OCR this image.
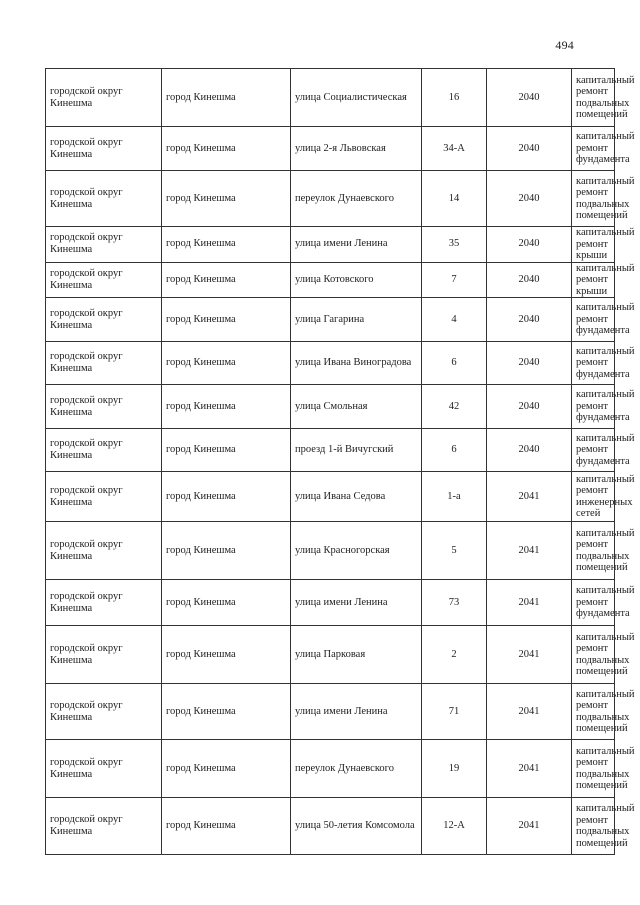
494
городской округ Кинешма	город Кинешма	улица Социалистическая	16	2040	капитальный ремонт подвальных помещений
городской округ Кинешма	город Кинешма	улица 2-я Львовская	34-А	2040	капитальный ремонт фундамента
городской округ Кинешма	город Кинешма	переулок Дунаевского	14	2040	капитальный ремонт подвальных помещений
городской округ Кинешма	город Кинешма	улица имени Ленина	35	2040	капитальный ремонт крыши
городской округ Кинешма	город Кинешма	улица Котовского	7	2040	капитальный ремонт крыши
городской округ Кинешма	город Кинешма	улица Гагарина	4	2040	капитальный ремонт фундамента
городской округ Кинешма	город Кинешма	улица Ивана Виноградова	6	2040	капитальный ремонт фундамента
городской округ Кинешма	город Кинешма	улица Смольная	42	2040	капитальный ремонт фундамента
городской округ Кинешма	город Кинешма	проезд 1-й Вичугский	6	2040	капитальный ремонт фундамента
городской округ Кинешма	город Кинешма	улица Ивана Седова	1-а	2041	капитальный ремонт инженерных сетей
городской округ Кинешма	город Кинешма	улица Красногорская	5	2041	капитальный ремонт подвальных помещений
городской округ Кинешма	город Кинешма	улица имени Ленина	73	2041	капитальный ремонт фундамента
городской округ Кинешма	город Кинешма	улица Парковая	2	2041	капитальный ремонт подвальных помещений
городской округ Кинешма	город Кинешма	улица имени Ленина	71	2041	капитальный ремонт подвальных помещений
городской округ Кинешма	город Кинешма	переулок Дунаевского	19	2041	капитальный ремонт подвальных помещений
городской округ Кинешма	город Кинешма	улица 50-летия Комсомола	12-А	2041	капитальный ремонт подвальных помещений
